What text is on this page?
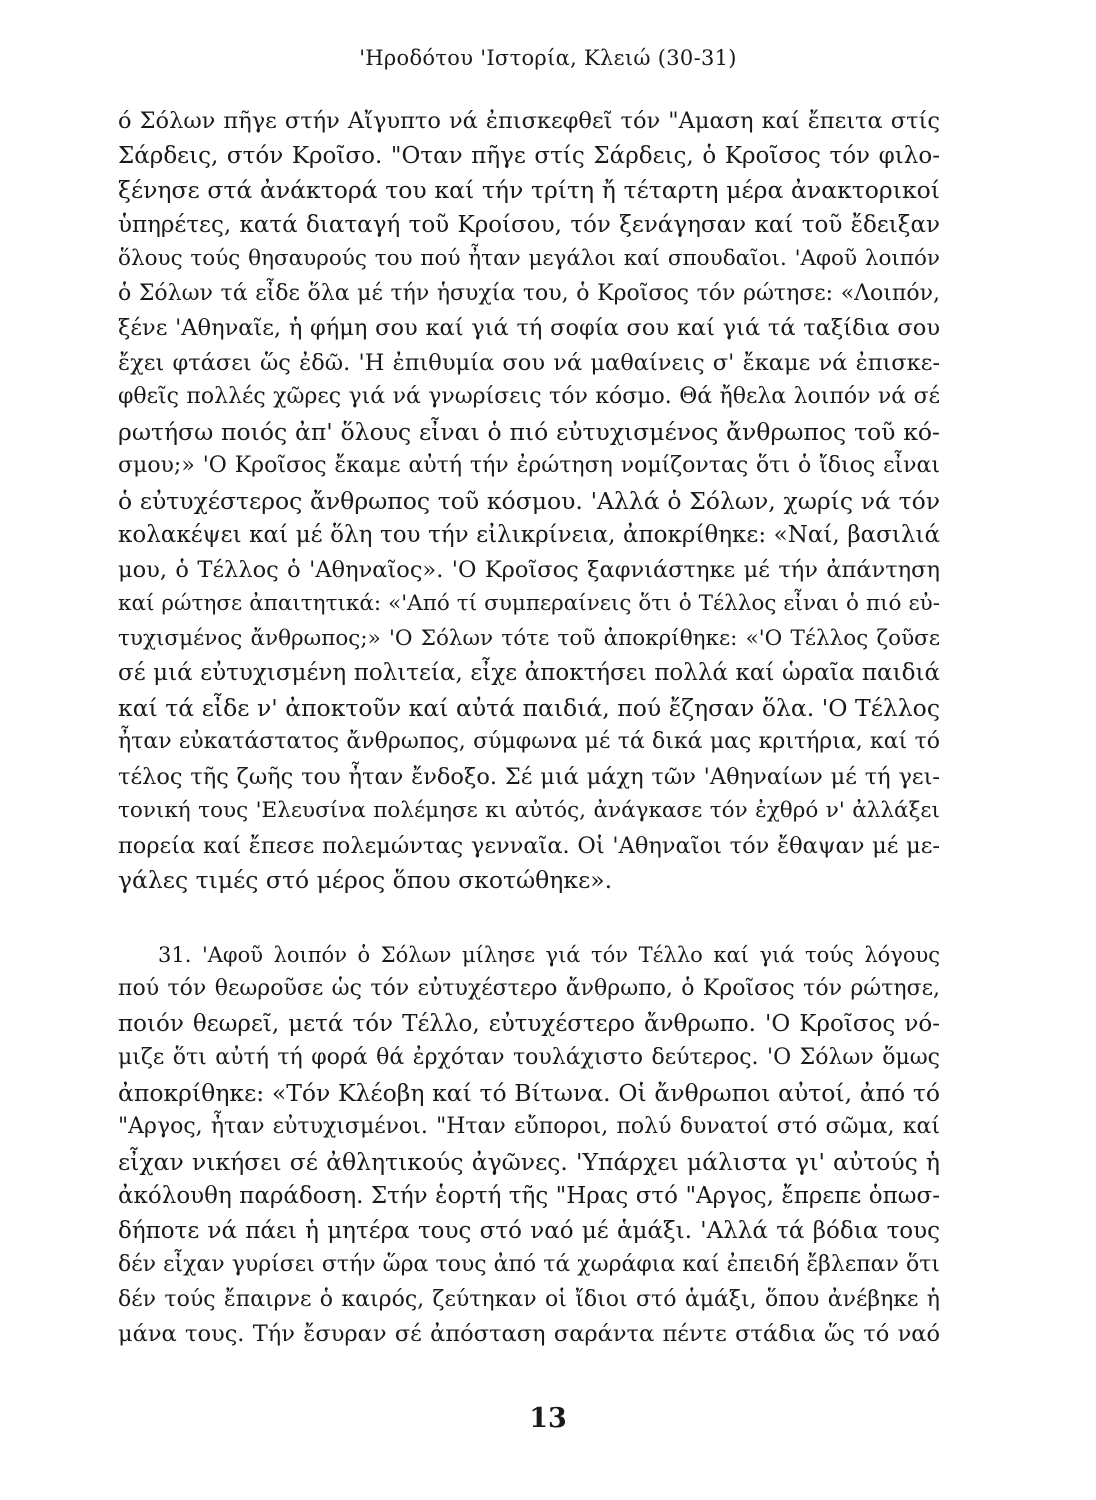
'Ηροδότου 'Ιστορία, Κλειώ (30-31)
ό Σόλων πῆγε στήν Αἴγυπτο νά ἐπισκεφθεῖ τόν "Αμαση καί ἔπειτα στίς
Σάρδεις, στόν Κροῖσο. "Οταν πῆγε στίς Σάρδεις, ὁ Κροῖσος τόν φιλο-
ξένησε στά ἀνάκτορά του καί τήν τρίτη ἤ τέταρτη μέρα ἀνακτορικοί
ὑπηρέτες, κατά διαταγή τοῦ Κροίσου, τόν ξενάγησαν καί τοῦ ἔδειξαν
ὅλους τούς θησαυρούς του πού ἦταν μεγάλοι καί σπουδαῖοι. 'Αφοῦ λοιπόν
ὁ Σόλων τά εἶδε ὅλα μέ τήν ἡσυχία του, ὁ Κροῖσος τόν ρώτησε: «Λοιπόν,
ξένε 'Αθηναῖε, ἡ φήμη σου καί γιά τή σοφία σου καί γιά τά ταξίδια σου
ἔχει φτάσει ὥς ἐδῶ. 'Η ἐπιθυμία σου νά μαθαίνεις σ' ἔκαμε νά ἐπισκε-
φθεῖς πολλές χῶρες γιά νά γνωρίσεις τόν κόσμο. Θά ἤθελα λοιπόν νά σέ
ρωτήσω ποιός ἀπ' ὅλους εἶναι ὁ πιό εὐτυχισμένος ἄνθρωπος τοῦ κό-
σμου;» 'Ο Κροῖσος ἔκαμε αὐτή τήν ἐρώτηση νομίζοντας ὅτι ὁ ἴδιος εἶναι
ὁ εὐτυχέστερος ἄνθρωπος τοῦ κόσμου. 'Αλλά ὁ Σόλων, χωρίς νά τόν
κολακέψει καί μέ ὅλη του τήν εἰλικρίνεια, ἀποκρίθηκε: «Ναί, βασιλιά
μου, ὁ Τέλλος ὁ 'Αθηναῖος». 'Ο Κροῖσος ξαφνιάστηκε μέ τήν ἀπάντηση
καί ρώτησε ἀπαιτητικά: «'Από τί συμπεραίνεις ὅτι ὁ Τέλλος εἶναι ὁ πιό εὐ-
τυχισμένος ἄνθρωπος;» 'Ο Σόλων τότε τοῦ ἀποκρίθηκε: «'Ο Τέλλος ζοῦσε
σέ μιά εὐτυχισμένη πολιτεία, εἶχε ἀποκτήσει πολλά καί ὡραῖα παιδιά
καί τά εἶδε ν' ἀποκτοῦν καί αὐτά παιδιά, πού ἔζησαν ὅλα. 'Ο Τέλλος
ἦταν εὐκατάστατος ἄνθρωπος, σύμφωνα μέ τά δικά μας κριτήρια, καί τό
τέλος τῆς ζωῆς του ἦταν ἔνδοξο. Σέ μιά μάχη τῶν 'Αθηναίων μέ τή γει-
τονική τους 'Ελευσίνα πολέμησε κι αὐτός, ἀνάγκασε τόν ἐχθρό ν' ἀλλάξει
πορεία καί ἔπεσε πολεμώντας γενναῖα. Οἱ 'Αθηναῖοι τόν ἔθαψαν μέ με-
γάλες τιμές στό μέρος ὅπου σκοτώθηκε».
31. 'Αφοῦ λοιπόν ὁ Σόλων μίλησε γιά τόν Τέλλο καί γιά τούς λόγους
πού τόν θεωροῦσε ὡς τόν εὐτυχέστερο ἄνθρωπο, ὁ Κροῖσος τόν ρώτησε,
ποιόν θεωρεῖ, μετά τόν Τέλλο, εὐτυχέστερο ἄνθρωπο. 'Ο Κροῖσος νό-
μιζε ὅτι αὐτή τή φορά θά ἐρχόταν τουλάχιστο δεύτερος. 'Ο Σόλων ὅμως
ἀποκρίθηκε: «Τόν Κλέοβη καί τό Βίτωνα. Οἱ ἄνθρωποι αὐτοί, ἀπό τό
"Αργος, ἦταν εὐτυχισμένοι. "Ηταν εὔποροι, πολύ δυνατοί στό σῶμα, καί
εἶχαν νικήσει σέ ἀθλητικούς ἀγῶνες. 'Υπάρχει μάλιστα γι' αὐτούς ἡ
ἀκόλουθη παράδοση. Στήν ἑορτή τῆς "Ηρας στό "Αργος, ἔπρεπε ὁπωσ-
δήποτε νά πάει ἡ μητέρα τους στό ναό μέ ἁμάξι. 'Αλλά τά βόδια τους
δέν εἶχαν γυρίσει στήν ὥρα τους ἀπό τά χωράφια καί ἐπειδή ἔβλεπαν ὅτι
δέν τούς ἔπαιρνε ὁ καιρός, ζεύτηκαν οἱ ἴδιοι στό ἁμάξι, ὅπου ἀνέβηκε ἡ
μάνα τους. Τήν ἔσυραν σέ ἀπόσταση σαράντα πέντε στάδια ὥς τό ναό
13
